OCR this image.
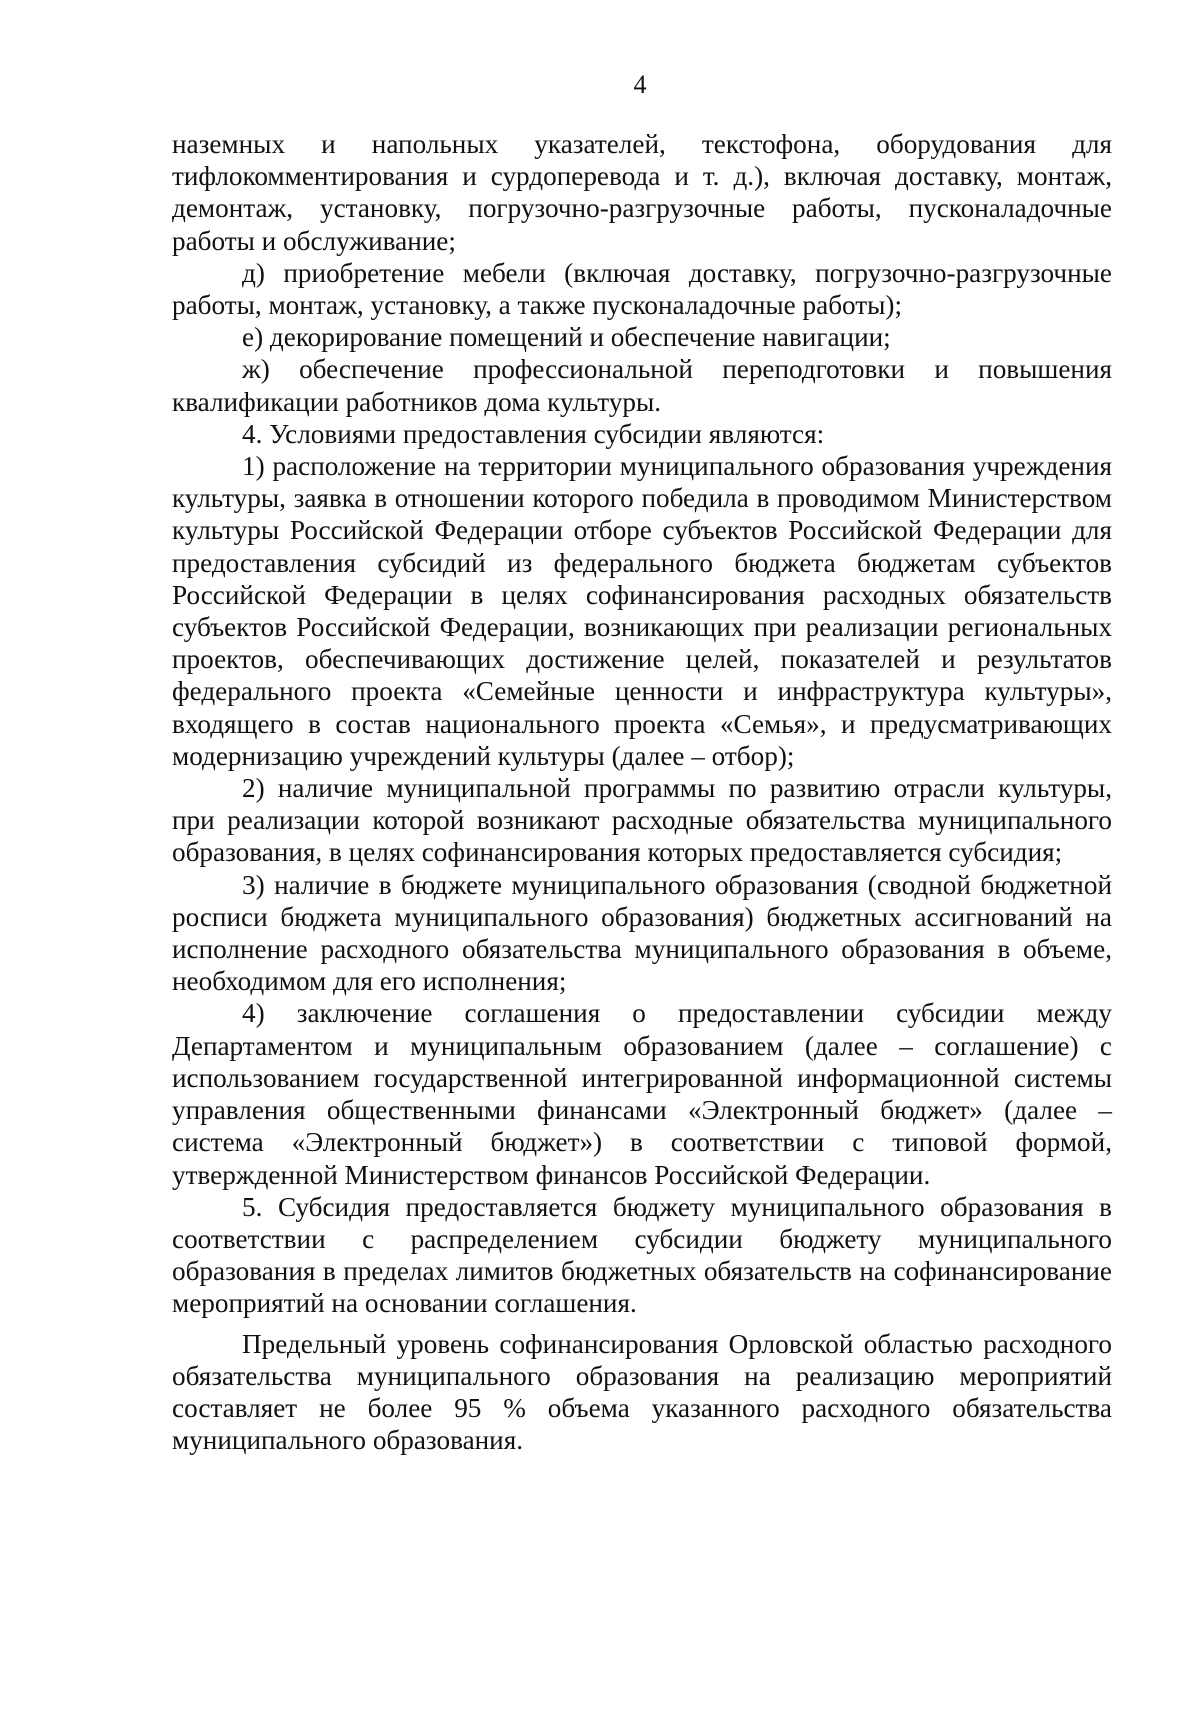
4

наземных и напольных указателей, текстофона, оборудования для тифлокомментирования и сурдоперевода и т. д.), включая доставку, монтаж, демонтаж, установку, погрузочно-разгрузочные работы, пусконаладочные работы и обслуживание;

д) приобретение мебели (включая доставку, погрузочно-разгрузочные работы, монтаж, установку, а также пусконаладочные работы);

е) декорирование помещений и обеспечение навигации;

ж) обеспечение профессиональной переподготовки и повышения квалификации работников дома культуры.

4. Условиями предоставления субсидии являются:

1) расположение на территории муниципального образования учреждения культуры, заявка в отношении которого победила в проводимом Министерством культуры Российской Федерации отборе субъектов Российской Федерации для предоставления субсидий из федерального бюджета бюджетам субъектов Российской Федерации в целях софинансирования расходных обязательств субъектов Российской Федерации, возникающих при реализации региональных проектов, обеспечивающих достижение целей, показателей и результатов федерального проекта «Семейные ценности и инфраструктура культуры», входящего в состав национального проекта «Семья», и предусматривающих модернизацию учреждений культуры (далее – отбор);

2) наличие муниципальной программы по развитию отрасли культуры, при реализации которой возникают расходные обязательства муниципального образования, в целях софинансирования которых предоставляется субсидия;

3) наличие в бюджете муниципального образования (сводной бюджетной росписи бюджета муниципального образования) бюджетных ассигнований на исполнение расходного обязательства муниципального образования в объеме, необходимом для его исполнения;

4) заключение соглашения о предоставлении субсидии между Департаментом и муниципальным образованием (далее – соглашение) с использованием государственной интегрированной информационной системы управления общественными финансами «Электронный бюджет» (далее – система «Электронный бюджет») в соответствии с типовой формой, утвержденной Министерством финансов Российской Федерации.

5. Субсидия предоставляется бюджету муниципального образования в соответствии с распределением субсидии бюджету муниципального образования в пределах лимитов бюджетных обязательств на софинансирование мероприятий на основании соглашения.

Предельный уровень софинансирования Орловской областью расходного обязательства муниципального образования на реализацию мероприятий составляет не более 95 % объема указанного расходного обязательства муниципального образования.
